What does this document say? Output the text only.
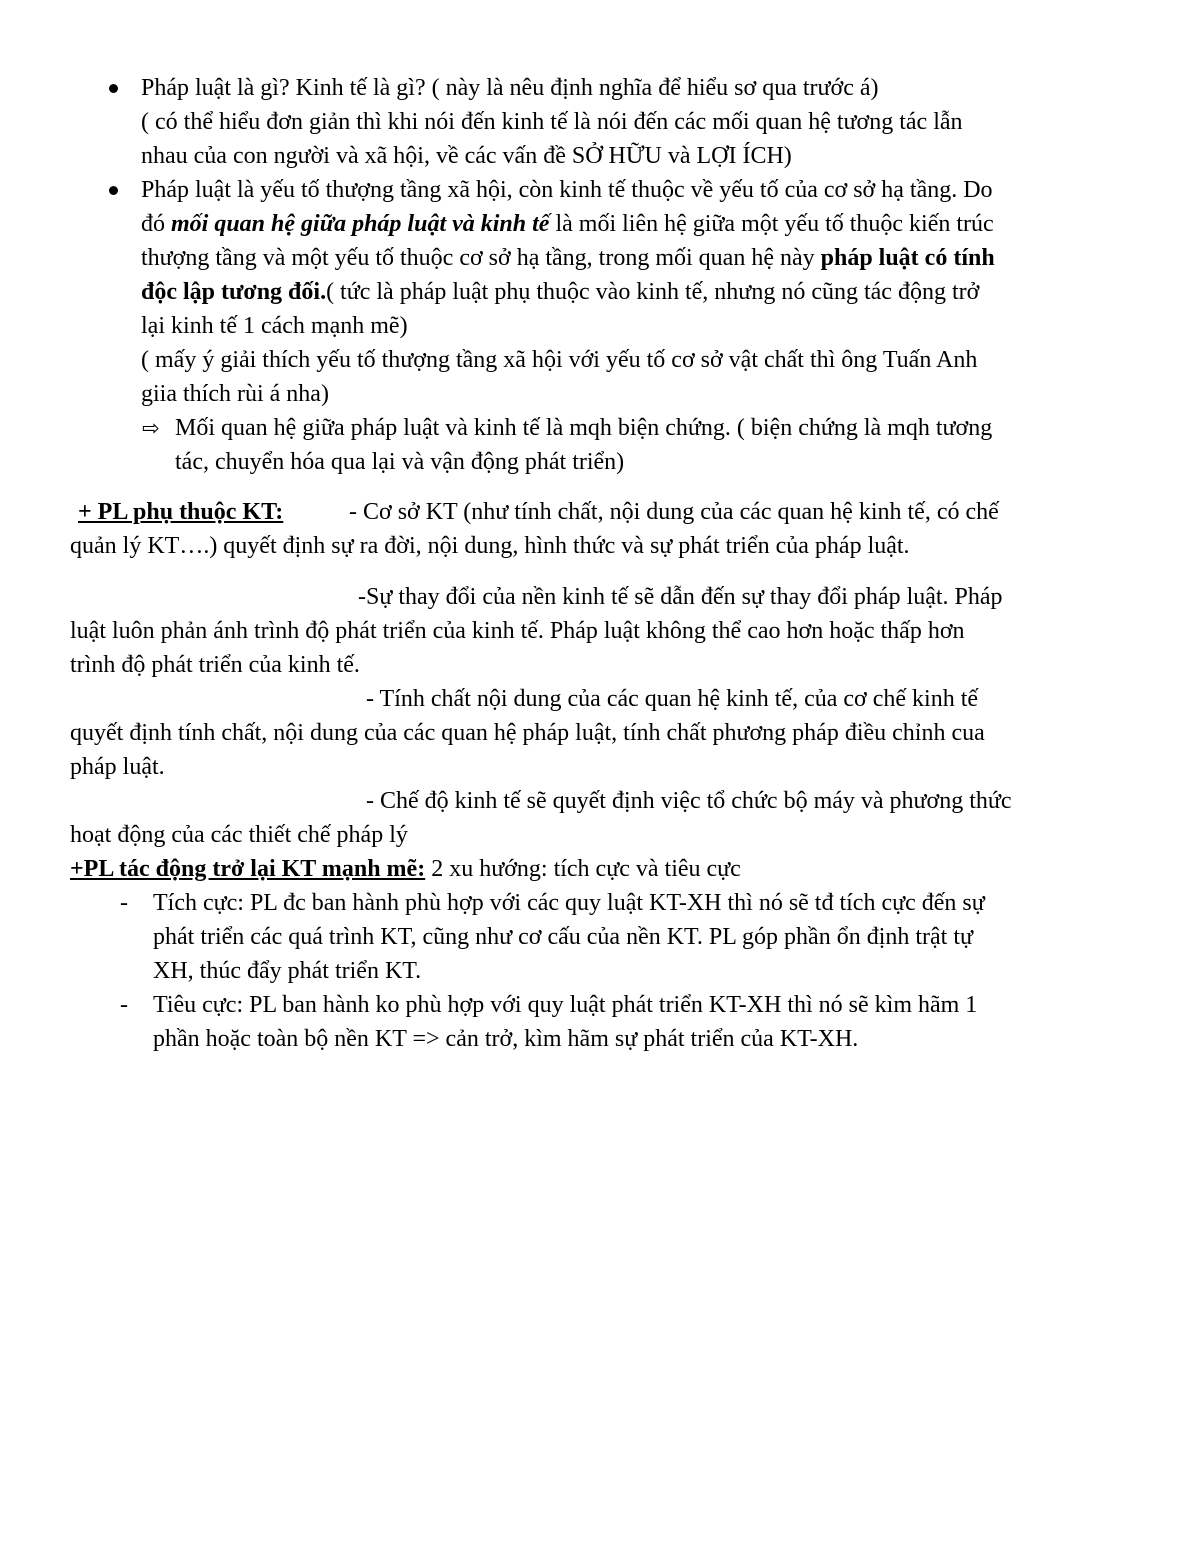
Pháp luật là gì? Kinh tế là gì? ( này là nêu định nghĩa để hiểu sơ qua trước á)
( có thể hiểu đơn giản thì khi nói đến kinh tế là nói đến các mối quan hệ tương tác lẫn
nhau của con người và xã hội, về các vấn đề SỞ HỮU và LỢI ÍCH)
Pháp luật là yếu tố thượng tầng xã hội, còn kinh tế thuộc về yếu tố của cơ sở hạ tầng. Do
đó mối quan hệ giữa pháp luật và kinh tế là mối liên hệ giữa một yếu tố thuộc kiến trúc
thượng tầng và một yếu tố thuộc cơ sở hạ tầng, trong mối quan hệ này pháp luật có tính
độc lập tương đối.( tức là pháp luật phụ thuộc vào kinh tế, nhưng nó cũng tác động trở
lại kinh tế 1 cách mạnh mẽ)
( mấy ý giải thích yếu tố thượng tầng xã hội với yếu tố cơ sở vật chất thì ông Tuấn Anh
giia thích rùi á nha)
⇨ Mối quan hệ giữa pháp luật và kinh tế là mqh biện chứng. ( biện chứng là mqh tương
tác, chuyển hóa qua lại và vận động phát triển)
+ PL phụ thuộc KT:	- Cơ sở KT (như tính chất, nội dung của các quan hệ kinh tế, có chế
quản lý KT….) quyết định sự ra đời, nội dung, hình thức và sự phát triển của pháp luật.
-Sự thay đổi của nền kinh tế sẽ dẫn đến sự thay đổi pháp luật. Pháp
luật luôn phản ánh trình độ phát triển của kinh tế. Pháp luật không thể cao hơn hoặc thấp hơn
trình độ phát triển của kinh tế.
- Tính chất nội dung của các quan hệ kinh tế, của cơ chế kinh tế
quyết định tính chất, nội dung của các quan hệ pháp luật, tính chất phương pháp điều chỉnh cua
pháp luật.
- Chế độ kinh tế sẽ quyết định việc tổ chức bộ máy và phương thức
hoạt động của các thiết chế pháp lý
+PL tác động trở lại KT mạnh mẽ: 2 xu hướng: tích cực và tiêu cực
- Tích cực: PL đc ban hành phù hợp với các quy luật KT-XH thì nó sẽ tđ tích cực đến sự
phát triển các quá trình KT, cũng như cơ cấu của nền KT. PL góp phần ổn định trật tự
XH, thúc đẩy phát triển KT.
- Tiêu cực: PL ban hành ko phù hợp với quy luật phát triển KT-XH thì nó sẽ kìm hãm 1
phần hoặc toàn bộ nền KT => cản trở, kìm hãm sự phát triển của KT-XH.
